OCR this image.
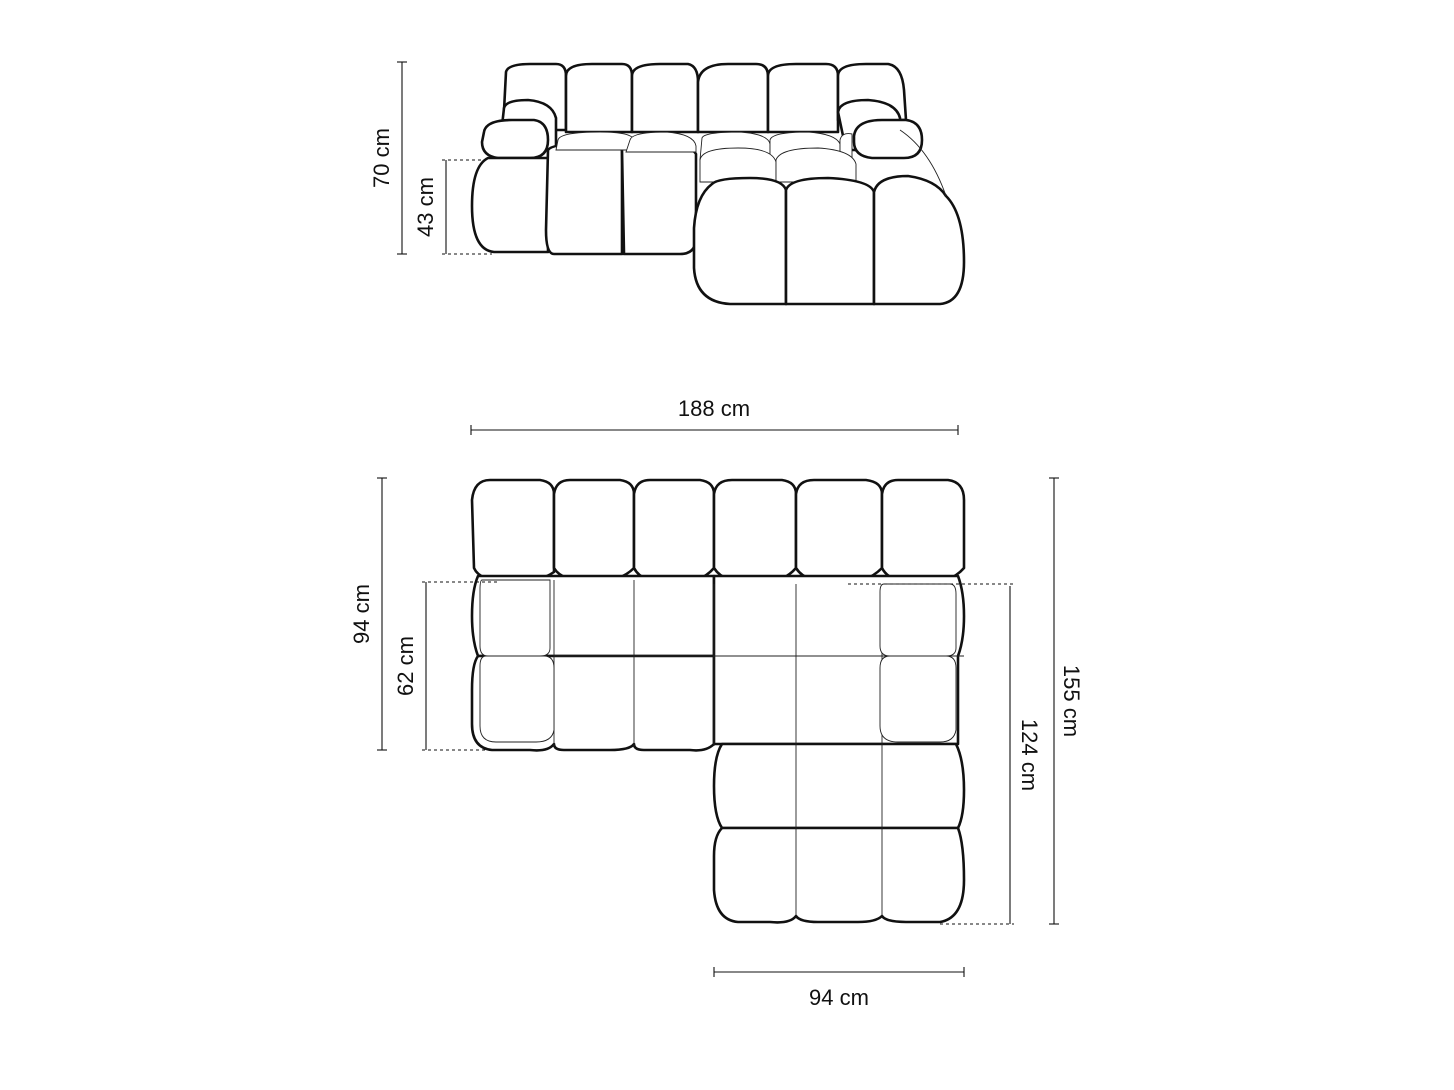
70 cm
43 cm
188 cm
94 cm
62 cm	155 cm
124 cm
94 cm
